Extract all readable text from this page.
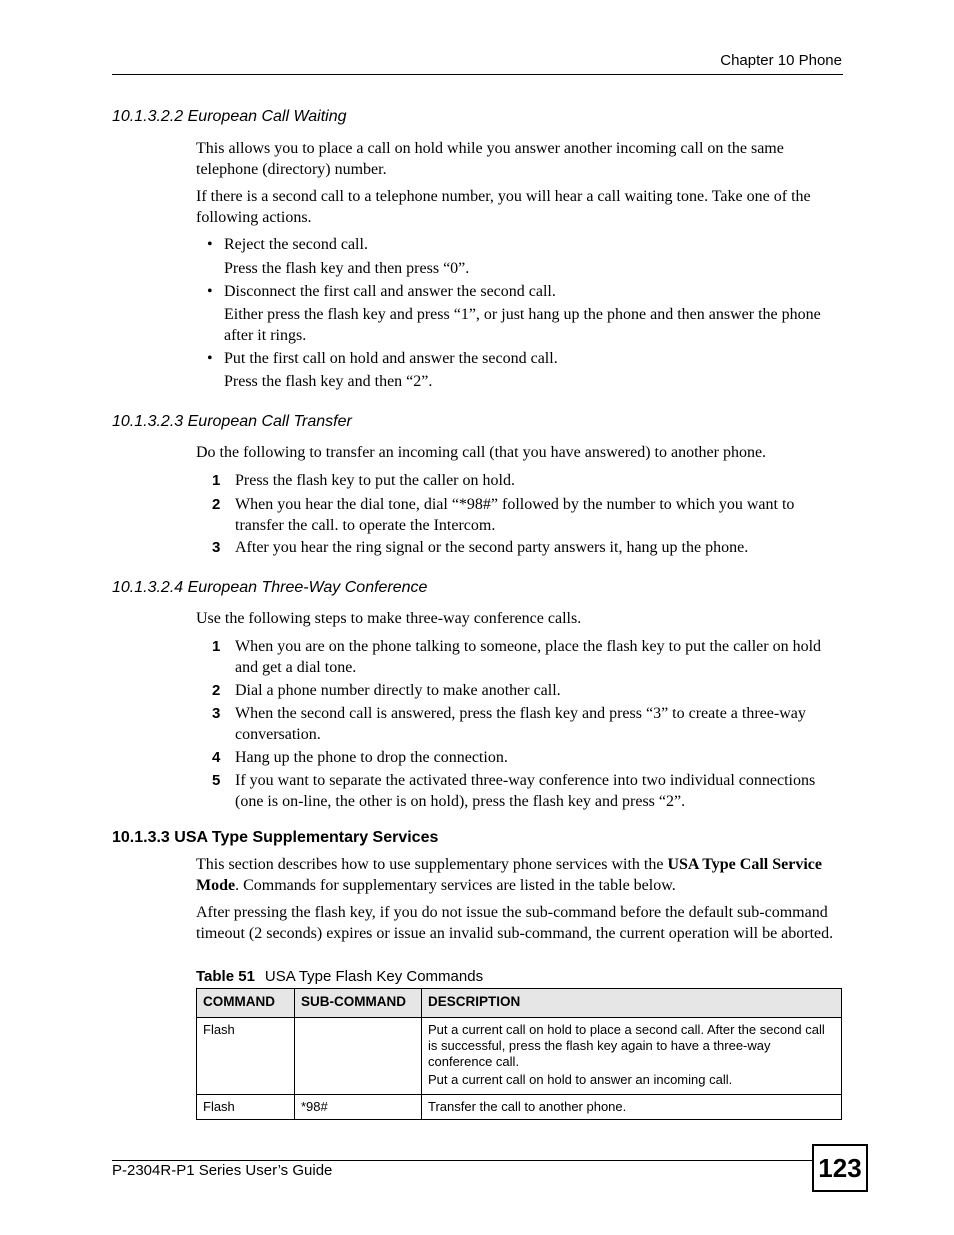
Chapter 10 Phone
10.1.3.2.2 European Call Waiting
This allows you to place a call on hold while you answer another incoming call on the same telephone (directory) number.
If there is a second call to a telephone number, you will hear a call waiting tone. Take one of the following actions.
• Reject the second call.
Press the flash key and then press “0”.
• Disconnect the first call and answer the second call.
Either press the flash key and press “1”, or just hang up the phone and then answer the phone after it rings.
• Put the first call on hold and answer the second call.
Press the flash key and then “2”.
10.1.3.2.3 European Call Transfer
Do the following to transfer an incoming call (that you have answered) to another phone.
1 Press the flash key to put the caller on hold.
2 When you hear the dial tone, dial “*98#” followed by the number to which you want to transfer the call. to operate the Intercom.
3 After you hear the ring signal or the second party answers it, hang up the phone.
10.1.3.2.4 European Three-Way Conference
Use the following steps to make three-way conference calls.
1 When you are on the phone talking to someone, place the flash key to put the caller on hold and get a dial tone.
2 Dial a phone number directly to make another call.
3 When the second call is answered, press the flash key and press “3” to create a three-way conversation.
4 Hang up the phone to drop the connection.
5 If you want to separate the activated three-way conference into two individual connections (one is on-line, the other is on hold), press the flash key and press “2”.
10.1.3.3 USA Type Supplementary Services
This section describes how to use supplementary phone services with the USA Type Call Service Mode. Commands for supplementary services are listed in the table below.
After pressing the flash key, if you do not issue the sub-command before the default sub-command timeout (2 seconds) expires or issue an invalid sub-command, the current operation will be aborted.
Table 51 USA Type Flash Key Commands
COMMAND	SUB-COMMAND	DESCRIPTION
Flash		Put a current call on hold to place a second call. After the second call is successful, press the flash key again to have a three-way conference call.
Put a current call on hold to answer an incoming call.

Flash	*98#	Transfer the call to another phone.
P-2304R-P1 Series User’s Guide	123
